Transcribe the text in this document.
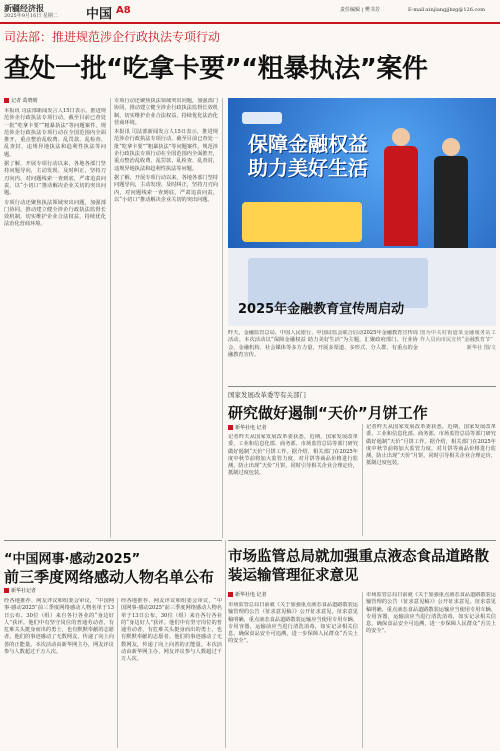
新疆经济报
2025年9月16日 星期二 中国 A8	责任编辑 | 樊书芳	E-mail:xinjiangjjbzg@126.com
司法部：推进规范涉企行政执法专项行动
查处一批“吃拿卡要”“粗暴执法”案件
记者 葛晓晴

本报讯 司法部新闻发言人15日表示，推进规范涉企行政执法专项行动，截至目前已查处一批“吃拿卡要”“粗暴执法”等问题案件。规范涉企行政执法专项行动在全国范围内全面推开，重点整治乱收费、乱罚款、乱检查、乱查封，违规异地执法和趋利性执法等问题。

据了解，开展专项行动以来，各地各部门坚持问题导向，主动发现、及时纠正，坚持刀刃向内，对问题线索一查到底，严肃追责问责，以“小切口”推动解决企业关切的突出问题。

专项行动还聚焦执法领域突出问题，加强部门协同，推动建立健全涉企行政执法监督长效机制，切实维护企业合法权益，持续优化法治化营商环境。

专项行动还聚焦执法领域突出问题，加强部门协同，推动建立健全涉企行政执法监督长效机制，切实维护企业合法权益，持续优化法治化营商环境。

本报讯 司法部新闻发言人15日表示，推进规范涉企行政执法专项行动，截至目前已查处一批“吃拿卡要”“粗暴执法”等问题案件。规范涉企行政执法专项行动在全国范围内全面推开，重点整治乱收费、乱罚款、乱检查、乱查封，违规异地执法和趋利性执法等问题。

据了解，开展专项行动以来，各地各部门坚持问题导向，主动发现、及时纠正，坚持刀刃向内，对问题线索一查到底，严肃追责问责，以“小切口”推动解决企业关切的突出问题。

保障金融权益 助力美好生活
2025年金融教育宣传周启动
昨天，金融监管总局、中国人民银行、中国证监会联合启动2025年金融教育宣传周活动。本次活动以“保障金融权益 助力美好生活”为主题，汇聚政府部门、行业协会、金融机构、社会媒体等多方力量，开展多渠道、多形式、分人群、有重点的金融教育宣传。
图为中关村街道某金融服务站工作人员向市民宣传“金融教育节”
新华社 图/文
国家发展改革委等有关部门
研究做好遏制“天价”月饼工作
新华社电 记者
记者昨天从国家发展改革委获悉，近期，国家发展改革委、工业和信息化部、商务部、市场监管总局等部门研究做好遏制“天价”月饼工作。据介绍，相关部门在2025年度中秋节前将加大监管力度，对月饼等商品价格进行监测，防止出现“天价”月饼，同时引导相关企业合理定价，抵制过度包装。
记者昨天从国家发展改革委获悉，近期，国家发展改革委、工业和信息化部、商务部、市场监管总局等部门研究做好遏制“天价”月饼工作。据介绍，相关部门在2025年度中秋节前将加大监管力度，对月饼等商品价格进行监测，防止出现“天价”月饼，同时引导相关企业合理定价，抵制过度包装。
“中国网事·感动2025”
前三季度网络感动人物名单公布
新华社记者
经各地推荐、网友评议和组委会审议，“中国网事·感动2025”前三季度网络感动人物名单于13日公布。30位（组）来自各行各业的“身边好人”获评。他们中有坚守岗位的普通劳动者，有危难关头挺身而出的勇士，也有默默奉献的志愿者。他们的事迹感动了无数网友，传递了向上向善的正能量。本次活动由新华网主办，网友评议参与人数超过千万人次。
经各地推荐、网友评议和组委会审议，“中国网事·感动2025”前三季度网络感动人物名单于13日公布。30位（组）来自各行各业的“身边好人”获评。他们中有坚守岗位的普通劳动者，有危难关头挺身而出的勇士，也有默默奉献的志愿者。他们的事迹感动了无数网友，传递了向上向善的正能量。本次活动由新华网主办，网友评议参与人数超过千万人次。
市场监管总局就加强重点液态食品道路散装运输管理征求意见
新华社电 记者
市场监管总局日前就《关于加强重点液态食品道路散装运输管理的公告（征求意见稿）》公开征求意见。征求意见稿明确，重点液态食品道路散装运输应当使用专用车辆、专用容器，运输前应当进行清洗消毒，如实记录相关信息，确保食品安全可追溯，进一步保障人民群众“舌尖上的安全”。
市场监管总局日前就《关于加强重点液态食品道路散装运输管理的公告（征求意见稿）》公开征求意见。征求意见稿明确，重点液态食品道路散装运输应当使用专用车辆、专用容器，运输前应当进行清洗消毒，如实记录相关信息，确保食品安全可追溯，进一步保障人民群众“舌尖上的安全”。
